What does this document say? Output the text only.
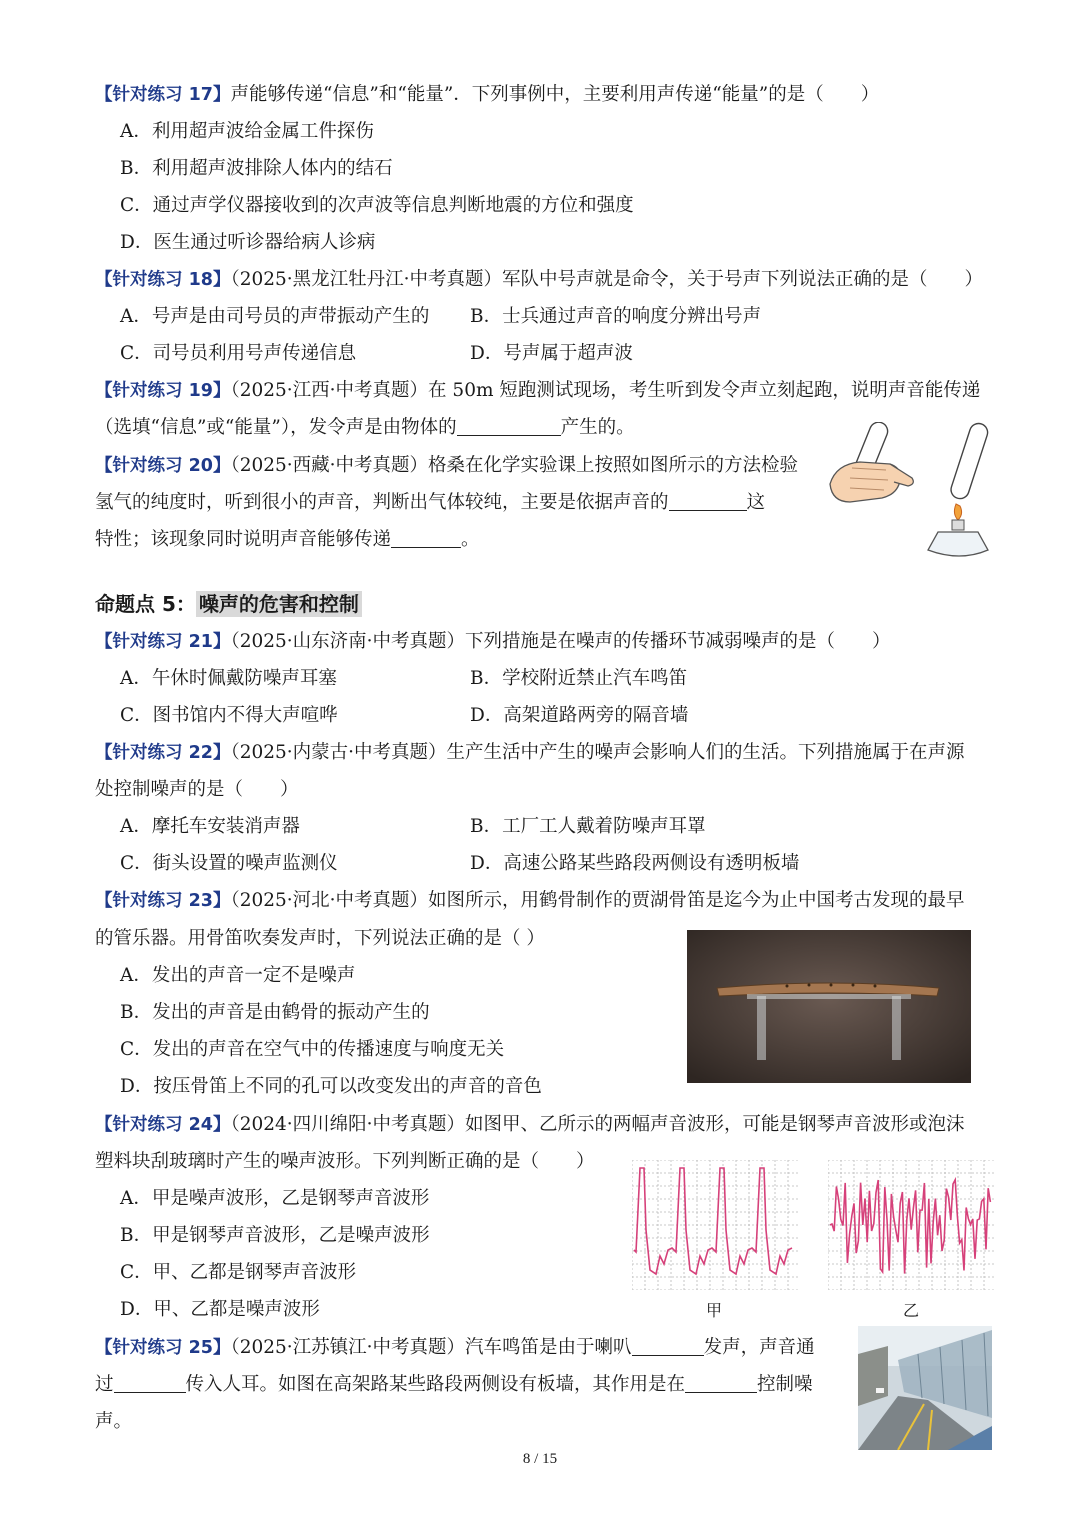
【针对练习 17】声能够传递“信息”和“能量”．下列事例中，主要利用声传递“能量”的是（　　）
A．利用超声波给金属工件探伤
B．利用超声波排除人体内的结石
C．通过声学仪器接收到的次声波等信息判断地震的方位和强度
D．医生通过听诊器给病人诊病
【针对练习 18】（2025·黑龙江牡丹江·中考真题）军队中号声就是命令，关于号声下列说法正确的是（　　）
A．号声是由司号员的声带振动产生的 B．士兵通过声音的响度分辨出号声
C．司号员利用号声传递信息	D．号声属于超声波
【针对练习 19】（2025·江西·中考真题）在 50m 短跑测试现场，考生听到发令声立刻起跑，说明声音能传递
（选填“信息”或“能量”），发令声是由物体的	产生的。
【针对练习 20】（2025·西藏·中考真题）格桑在化学实验课上按照如图所示的方法检验
氢气的纯度时，听到很小的声音，判断出气体较纯，主要是依据声音的	这
特性；该现象同时说明声音能够传递	。
命题点 5： 噪声的危害和控制
【针对练习 21】（2025·山东济南·中考真题）下列措施是在噪声的传播环节减弱噪声的是（　　）
A．午休时佩戴防噪声耳塞	B．学校附近禁止汽车鸣笛
C．图书馆内不得大声喧哗	D．高架道路两旁的隔音墙
【针对练习 22】（2025·内蒙古·中考真题）生产生活中产生的噪声会影响人们的生活。下列措施属于在声源
处控制噪声的是（　　）
A．摩托车安装消声器	B．工厂工人戴着防噪声耳罩
C．街头设置的噪声监测仪	D．高速公路某些路段两侧设有透明板墙
【针对练习 23】（2025·河北·中考真题）如图所示，用鹤骨制作的贾湖骨笛是迄今为止中国考古发现的最早
的管乐器。用骨笛吹奏发声时，下列说法正确的是（ ）
A．发出的声音一定不是噪声
B．发出的声音是由鹤骨的振动产生的
C．发出的声音在空气中的传播速度与响度无关
D．按压骨笛上不同的孔可以改变发出的声音的音色
【针对练习 24】（2024·四川绵阳·中考真题）如图甲、乙所示的两幅声音波形，可能是钢琴声音波形或泡沫
塑料块刮玻璃时产生的噪声波形。下列判断正确的是（　　）
A．甲是噪声波形，乙是钢琴声音波形
B．甲是钢琴声音波形，乙是噪声波形
C．甲、乙都是钢琴声音波形
D．甲、乙都是噪声波形	甲	乙
【针对练习 25】（2025·江苏镇江·中考真题）汽车鸣笛是由于喇叭	发声，声音通
过	传入人耳。如图在高架路某些路段两侧设有板墙，其作用是在	控制噪
声。
8 / 15
